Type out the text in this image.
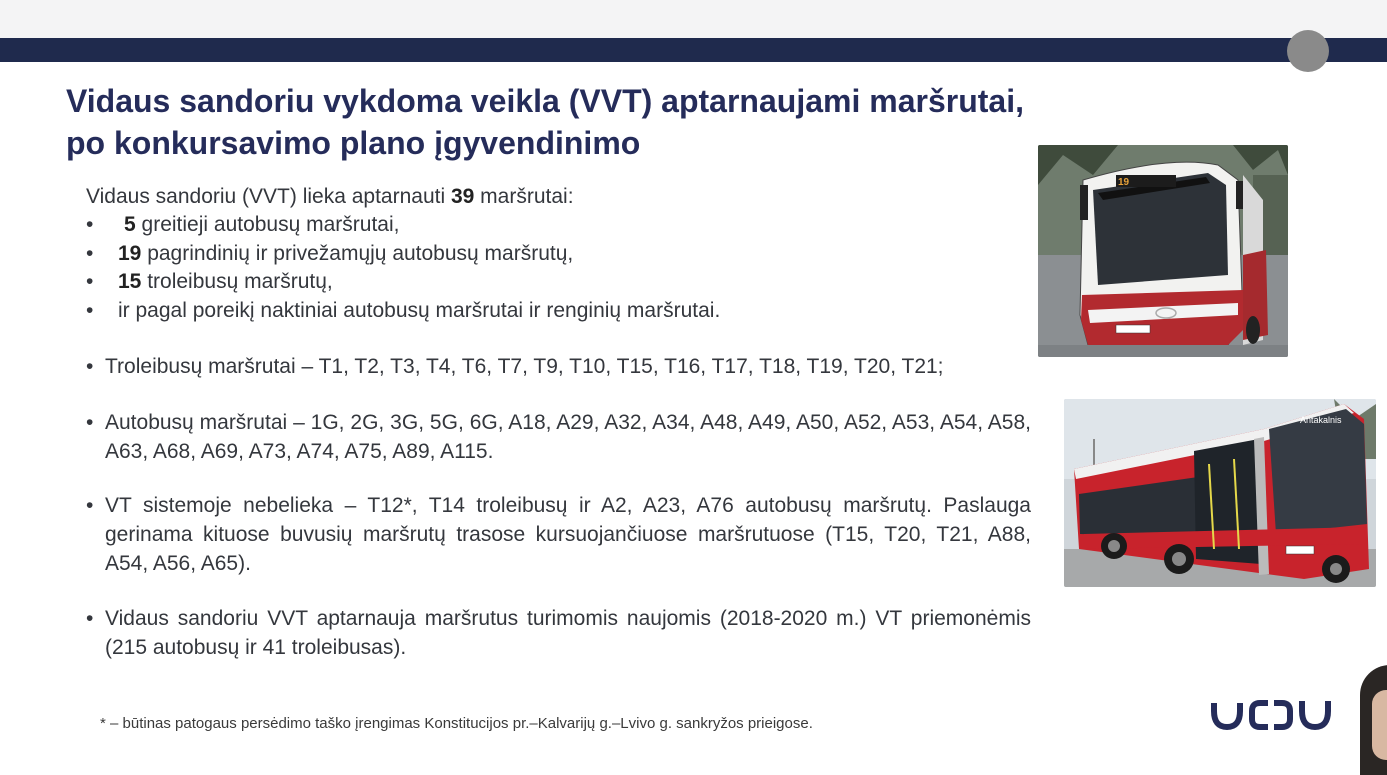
Vidaus sandoriu vykdoma veikla (VVT) aptarnaujami maršrutai,
po konkursavimo plano įgyvendinimo
Vidaus sandoriu (VVT) lieka aptarnauti 39 maršrutai:
• 5 greitieji autobusų maršrutai,
• 19 pagrindinių ir privežamųjų autobusų maršrutų,
• 15 troleibusų maršrutų,
• ir pagal poreikį naktiniai autobusų maršrutai ir renginių maršrutai.
• Troleibusų maršrutai – T1, T2, T3, T4, T6, T7, T9, T10, T15, T16, T17, T18, T19, T20, T21;
• Autobusų maršrutai – 1G, 2G, 3G, 5G, 6G, A18, A29, A32, A34, A48, A49, A50, A52, A53, A54, A58, A63, A68, A69, A73, A74, A75, A89, A115.
• VT sistemoje nebelieka – T12*, T14 troleibusų ir A2, A23, A76 autobusų maršrutų. Paslauga gerinama kituose buvusių maršrutų trasose kursuojančiuose maršrutuose (T15, T20, T21, A88, A54, A56, A65).
• Vidaus sandoriu VVT aptarnauja maršrutus turimomis naujomis (2018-2020 m.) VT priemonėmis (215 autobusų ir 41 troleibusas).
* – būtinas patogaus persėdimo taško įrengimas Konstitucijos pr.–Kalvarijų g.–Lvivo g. sankryžos prieigose.
19
Antakalnis
